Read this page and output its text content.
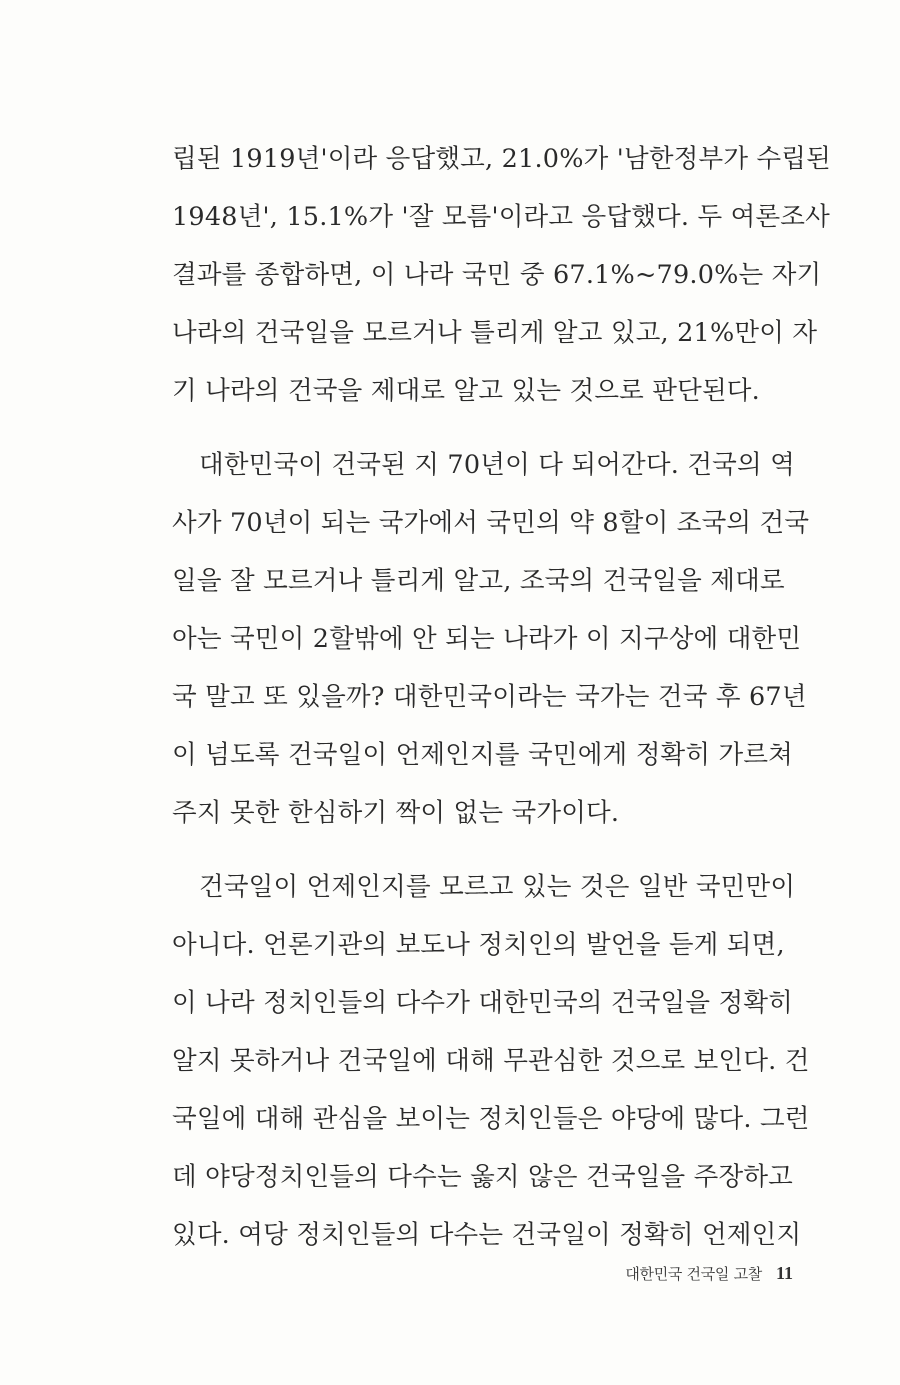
립된 1919년'이라 응답했고, 21.0%가 '남한정부가 수립된
1948년', 15.1%가 '잘 모름'이라고 응답했다. 두 여론조사
결과를 종합하면, 이 나라 국민 중 67.1%~79.0%는 자기
나라의 건국일을 모르거나 틀리게 알고 있고, 21%만이 자
기 나라의 건국을 제대로 알고 있는 것으로 판단된다.
대한민국이 건국된 지 70년이 다 되어간다. 건국의 역
사가 70년이 되는 국가에서 국민의 약 8할이 조국의 건국
일을 잘 모르거나 틀리게 알고, 조국의 건국일을 제대로
아는 국민이 2할밖에 안 되는 나라가 이 지구상에 대한민
국 말고 또 있을까? 대한민국이라는 국가는 건국 후 67년
이 넘도록 건국일이 언제인지를 국민에게 정확히 가르쳐
주지 못한 한심하기 짝이 없는 국가이다.
건국일이 언제인지를 모르고 있는 것은 일반 국민만이
아니다. 언론기관의 보도나 정치인의 발언을 듣게 되면,
이 나라 정치인들의 다수가 대한민국의 건국일을 정확히
알지 못하거나 건국일에 대해 무관심한 것으로 보인다. 건
국일에 대해 관심을 보이는 정치인들은 야당에 많다. 그런
데 야당정치인들의 다수는 옳지 않은 건국일을 주장하고
있다. 여당 정치인들의 다수는 건국일이 정확히 언제인지
대한민국 건국일 고찰 11
